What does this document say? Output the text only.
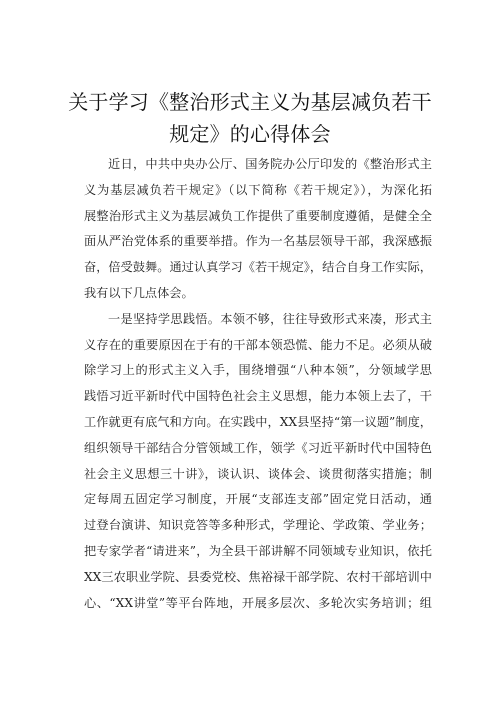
关于学习《整治形式主义为基层减负若干
规定》的心得体会
近日，中共中央办公厅、国务院办公厅印发的《整治形式主
义为基层减负若干规定》（以下简称《若干规定》），为深化拓
展整治形式主义为基层减负工作提供了重要制度遵循，是健全全
面从严治党体系的重要举措。作为一名基层领导干部，我深感振
奋，倍受鼓舞。通过认真学习《若干规定》，结合自身工作实际，
我有以下几点体会。
一是坚持学思践悟。本领不够，往往导致形式来凑，形式主
义存在的重要原因在于有的干部本领恐慌、能力不足。必须从破
除学习上的形式主义入手，围绕增强“八种本领”，分领域学思
践悟习近平新时代中国特色社会主义思想，能力本领上去了，干
工作就更有底气和方向。在实践中，XX县坚持“第一议题”制度，
组织领导干部结合分管领域工作，领学《习近平新时代中国特色
社会主义思想三十讲》，谈认识、谈体会、谈贯彻落实措施；制
定每周五固定学习制度，开展“支部连支部”固定党日活动，通
过登台演讲、知识竞答等多种形式，学理论、学政策、学业务；
把专家学者“请进来”，为全县干部讲解不同领域专业知识，依托
XX三农职业学院、县委党校、焦裕禄干部学院、农村干部培训中
心、“XX讲堂”等平台阵地，开展多层次、多轮次实务培训；组
